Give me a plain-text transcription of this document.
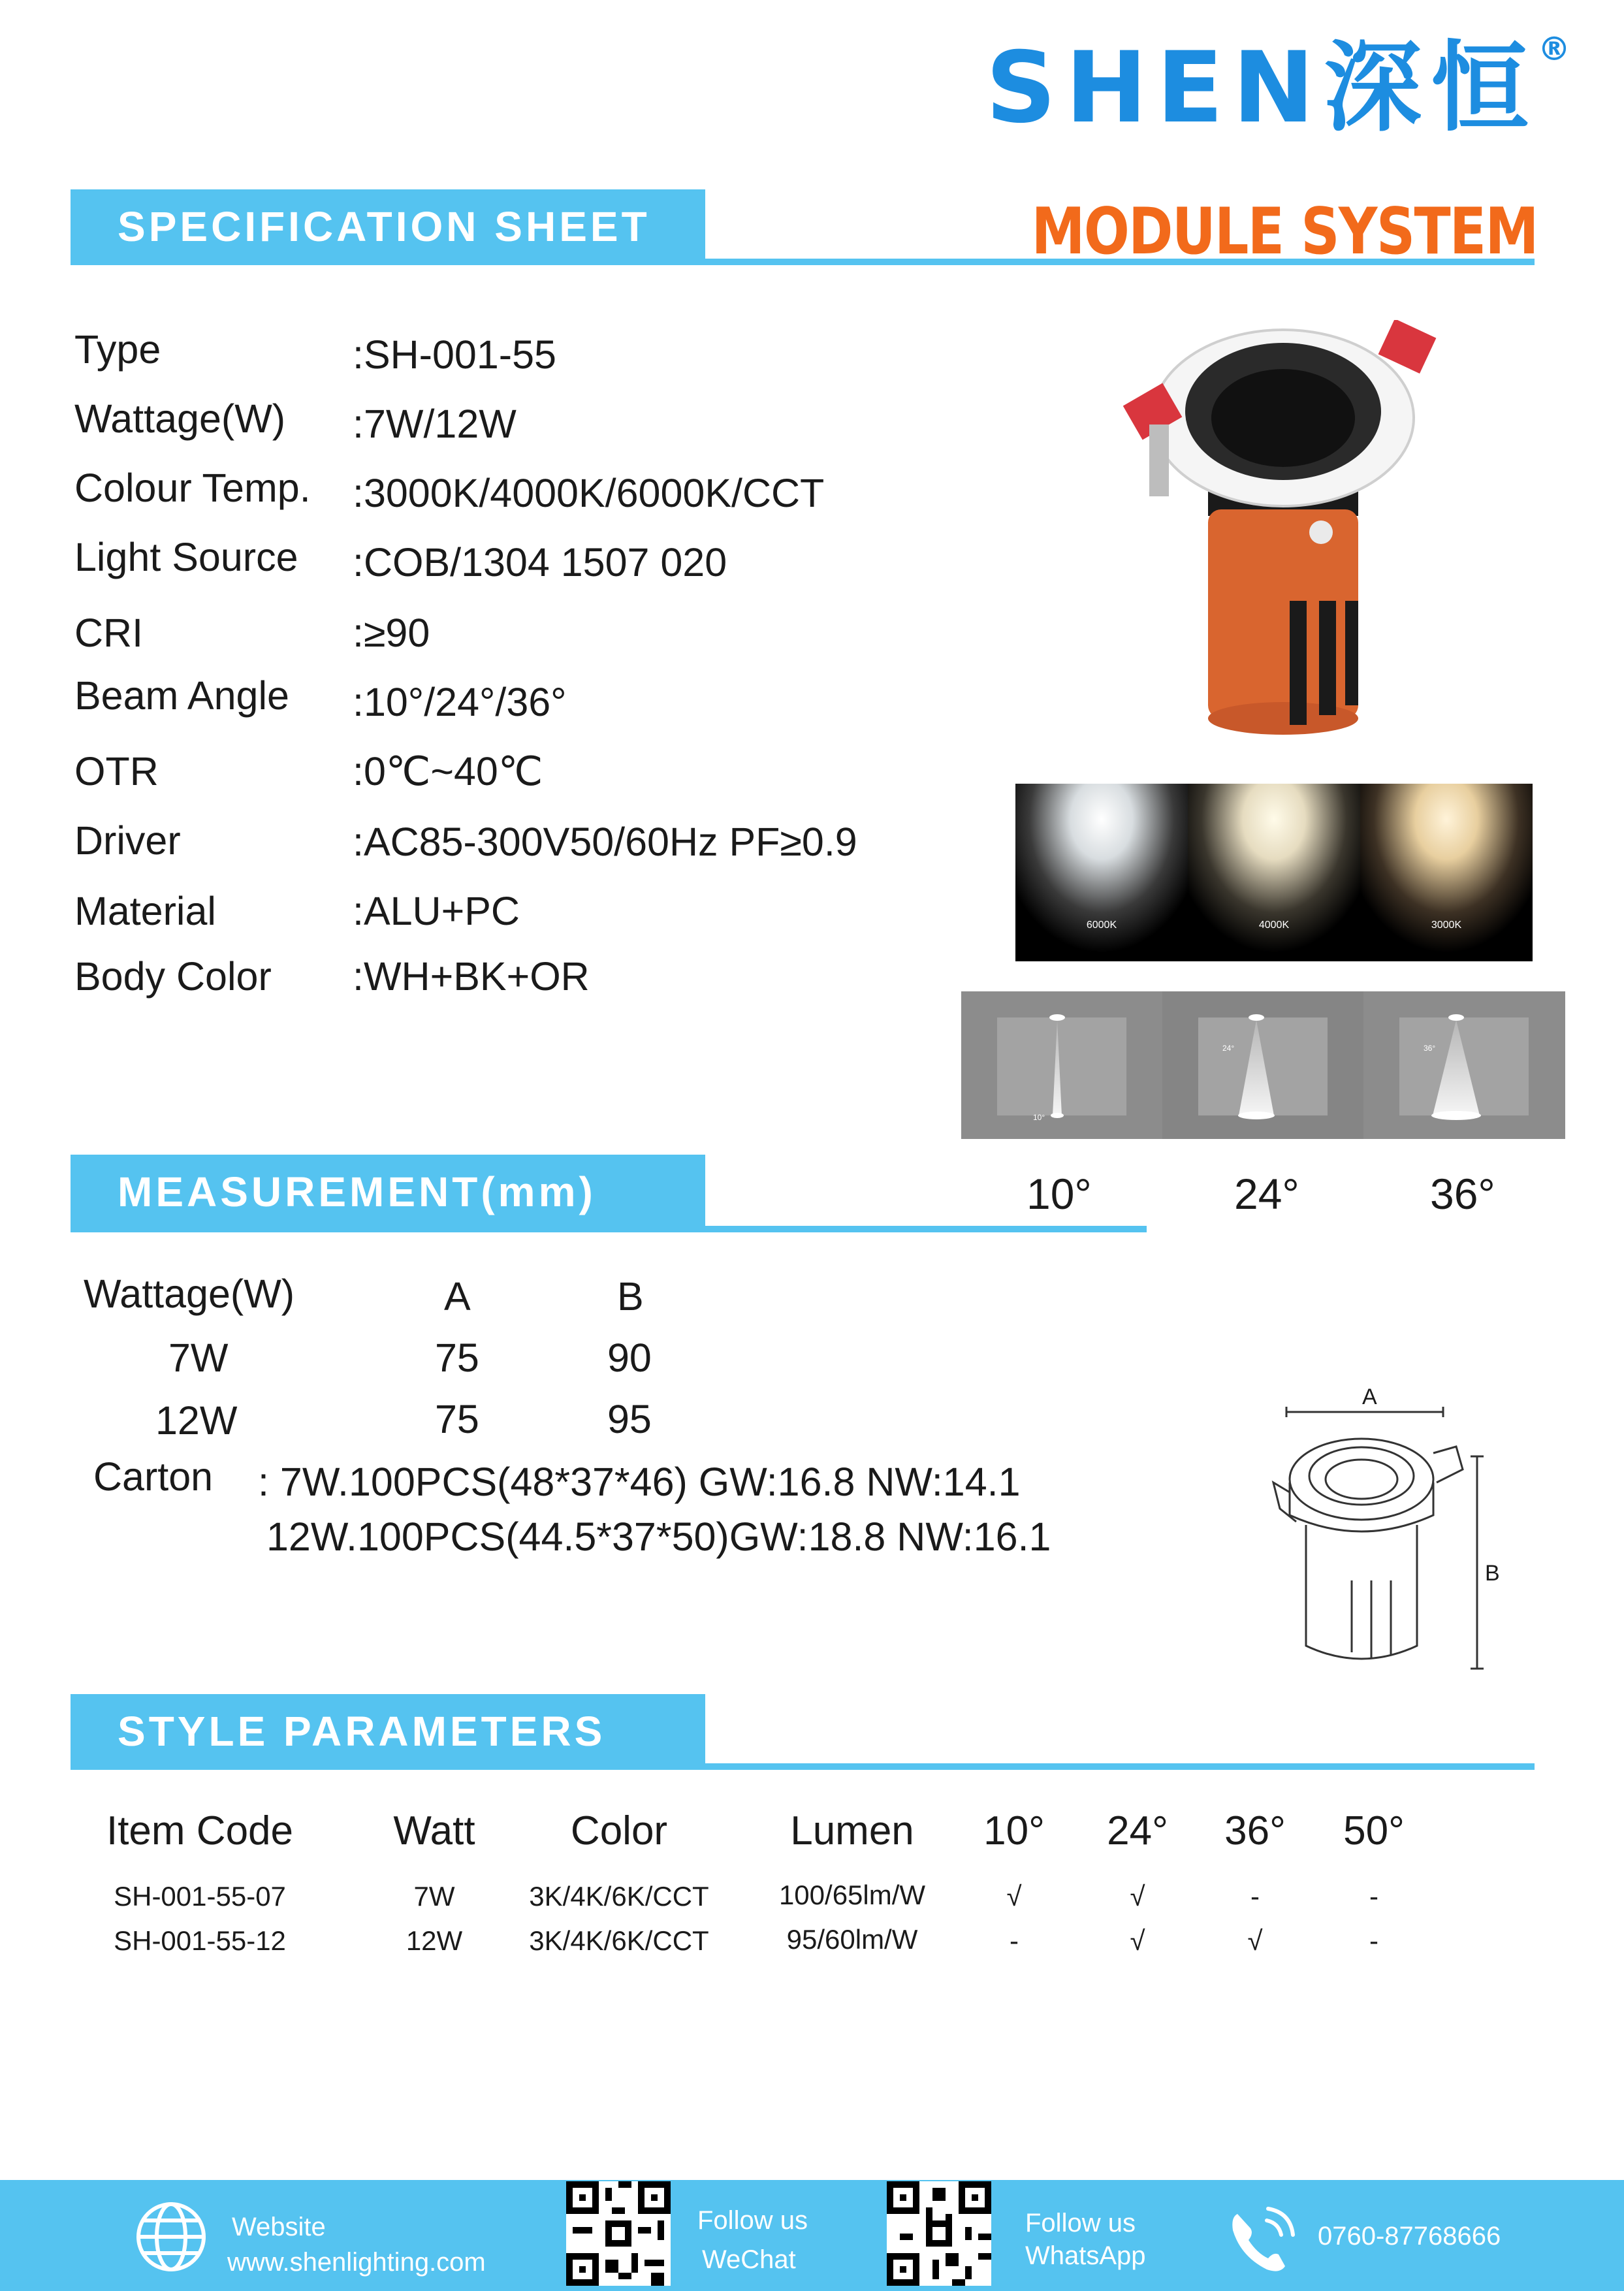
SHEN深恒®
SPECIFICATION SHEET	MODULE SYSTEM
Type	:SH-001-55
Wattage(W) :7W/12W
Colour Temp. :3000K/4000K/6000K/CCT
Light Source :COB/1304 1507 020
CRI	:≥90
Beam Angle :10°/24°/36°
OTR	:0℃~40℃
Driver	:AC85-300V50/60Hz PF≥0.9
Material	:ALU+PC
Body Color :WH+BK+OR
6000K	4000K	3000K
10°
24°	36°
MEASUREMENT(mm)	10°	24°	36°
Wattage(W)	A	B
7W	75	90
12W	75	95
Carton : 7W.100PCS(48*37*46) GW:16.8 NW:14.1
12W.100PCS(44.5*37*50)GW:18.8 NW:16.1
A
B
STYLE PARAMETERS
Item Code Watt Color	Lumen 10° 24° 36° 50°
SH-001-55-07	7W	3K/4K/6K/CCT	100/65lm/W	√	√	-	-
SH-001-55-12	12W 3K/4K/6K/CCT	95/60lm/W	-	√	√	-
Website
www.shenlighting.com
Follow us
WeChat
Follow us
WhatsApp
0760-87768666
